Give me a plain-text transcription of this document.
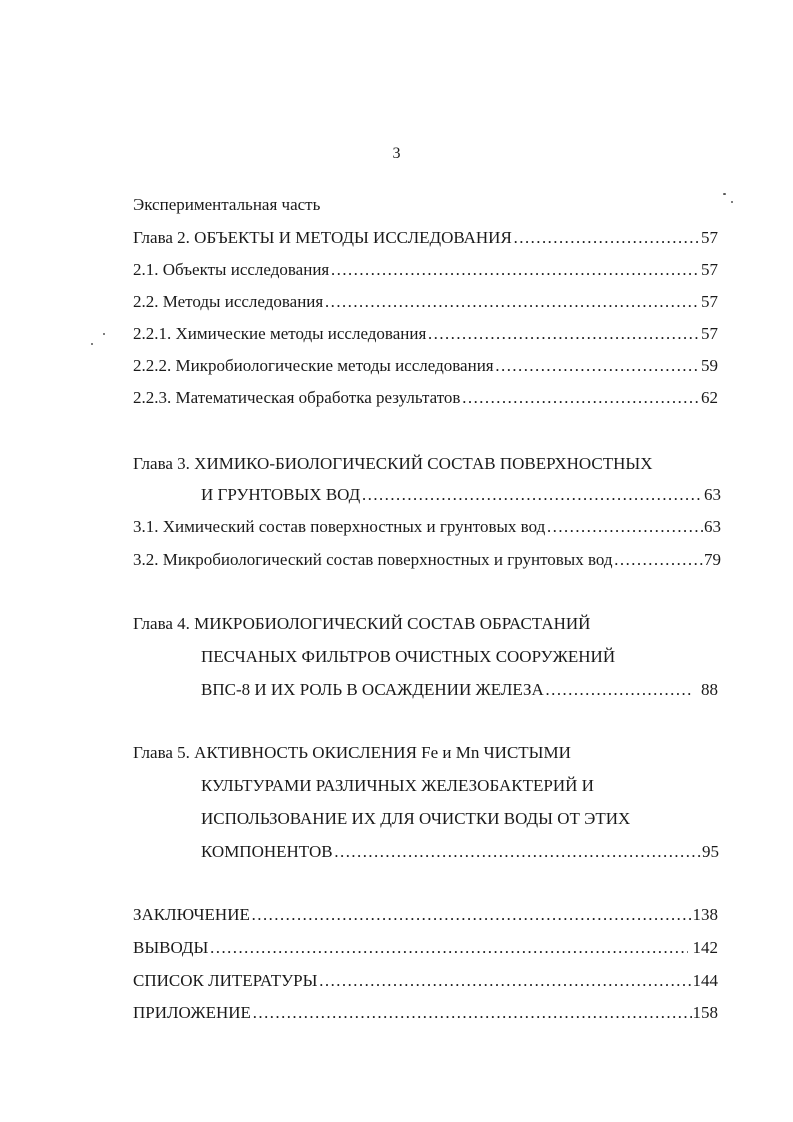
3
Экспериментальная часть
Глава 2. ОБЪЕКТЫ И МЕТОДЫ ИССЛЕДОВАНИЯ ……………………………………………………………………………………………………………………………………………………………………………………	57
2.1. Объекты исследования ……………………………………………………………………………………………………………………………………………………………………………………	57
2.2. Методы исследования ……………………………………………………………………………………………………………………………………………………………………………………	57
2.2.1. Химические методы исследования ……………………………………………………………………………………………………………………………………………………………………………………	57
2.2.2. Микробиологические методы исследования ……………………………………………………………………………………………………………………………………………………………………………………	59
2.2.3. Математическая обработка результатов ……………………………………………………………………………………………………………………………………………………………………………………	62
Глава 3. ХИМИКО-БИОЛОГИЧЕСКИЙ СОСТАВ ПОВЕРХНОСТНЫХ
И ГРУНТОВЫХ ВОД ……………………………………………………………………………………………………………………………………………………………………………………	63
3.1. Химический состав поверхностных и грунтовых вод ……………………………………………………………………………………………………………………………………………………………………………………	63
3.2. Микробиологический состав поверхностных и грунтовых вод ……………………………………………………………………………………………………………………………………………………………………………………	79
Глава 4. МИКРОБИОЛОГИЧЕСКИЙ СОСТАВ ОБРАСТАНИЙ
ПЕСЧАНЫХ ФИЛЬТРОВ ОЧИСТНЫХ СООРУЖЕНИЙ
ВПС-8 И ИХ РОЛЬ В ОСАЖДЕНИИ ЖЕЛЕЗА ……………………………………………………………………………………………………………………………………………………………………………………	88
Глава 5. АКТИВНОСТЬ ОКИСЛЕНИЯ Fe и Mn ЧИСТЫМИ
КУЛЬТУРАМИ РАЗЛИЧНЫХ ЖЕЛЕЗОБАКТЕРИЙ И
ИСПОЛЬЗОВАНИЕ ИХ ДЛЯ ОЧИСТКИ ВОДЫ ОТ ЭТИХ
КОМПОНЕНТОВ ……………………………………………………………………………………………………………………………………………………………………………………	95
ЗАКЛЮЧЕНИЕ ……………………………………………………………………………………………………………………………………………………………………………………	138
ВЫВОДЫ ……………………………………………………………………………………………………………………………………………………………………………………	142
СПИСОК ЛИТЕРАТУРЫ ……………………………………………………………………………………………………………………………………………………………………………………	144
ПРИЛОЖЕНИЕ ……………………………………………………………………………………………………………………………………………………………………………………	158
